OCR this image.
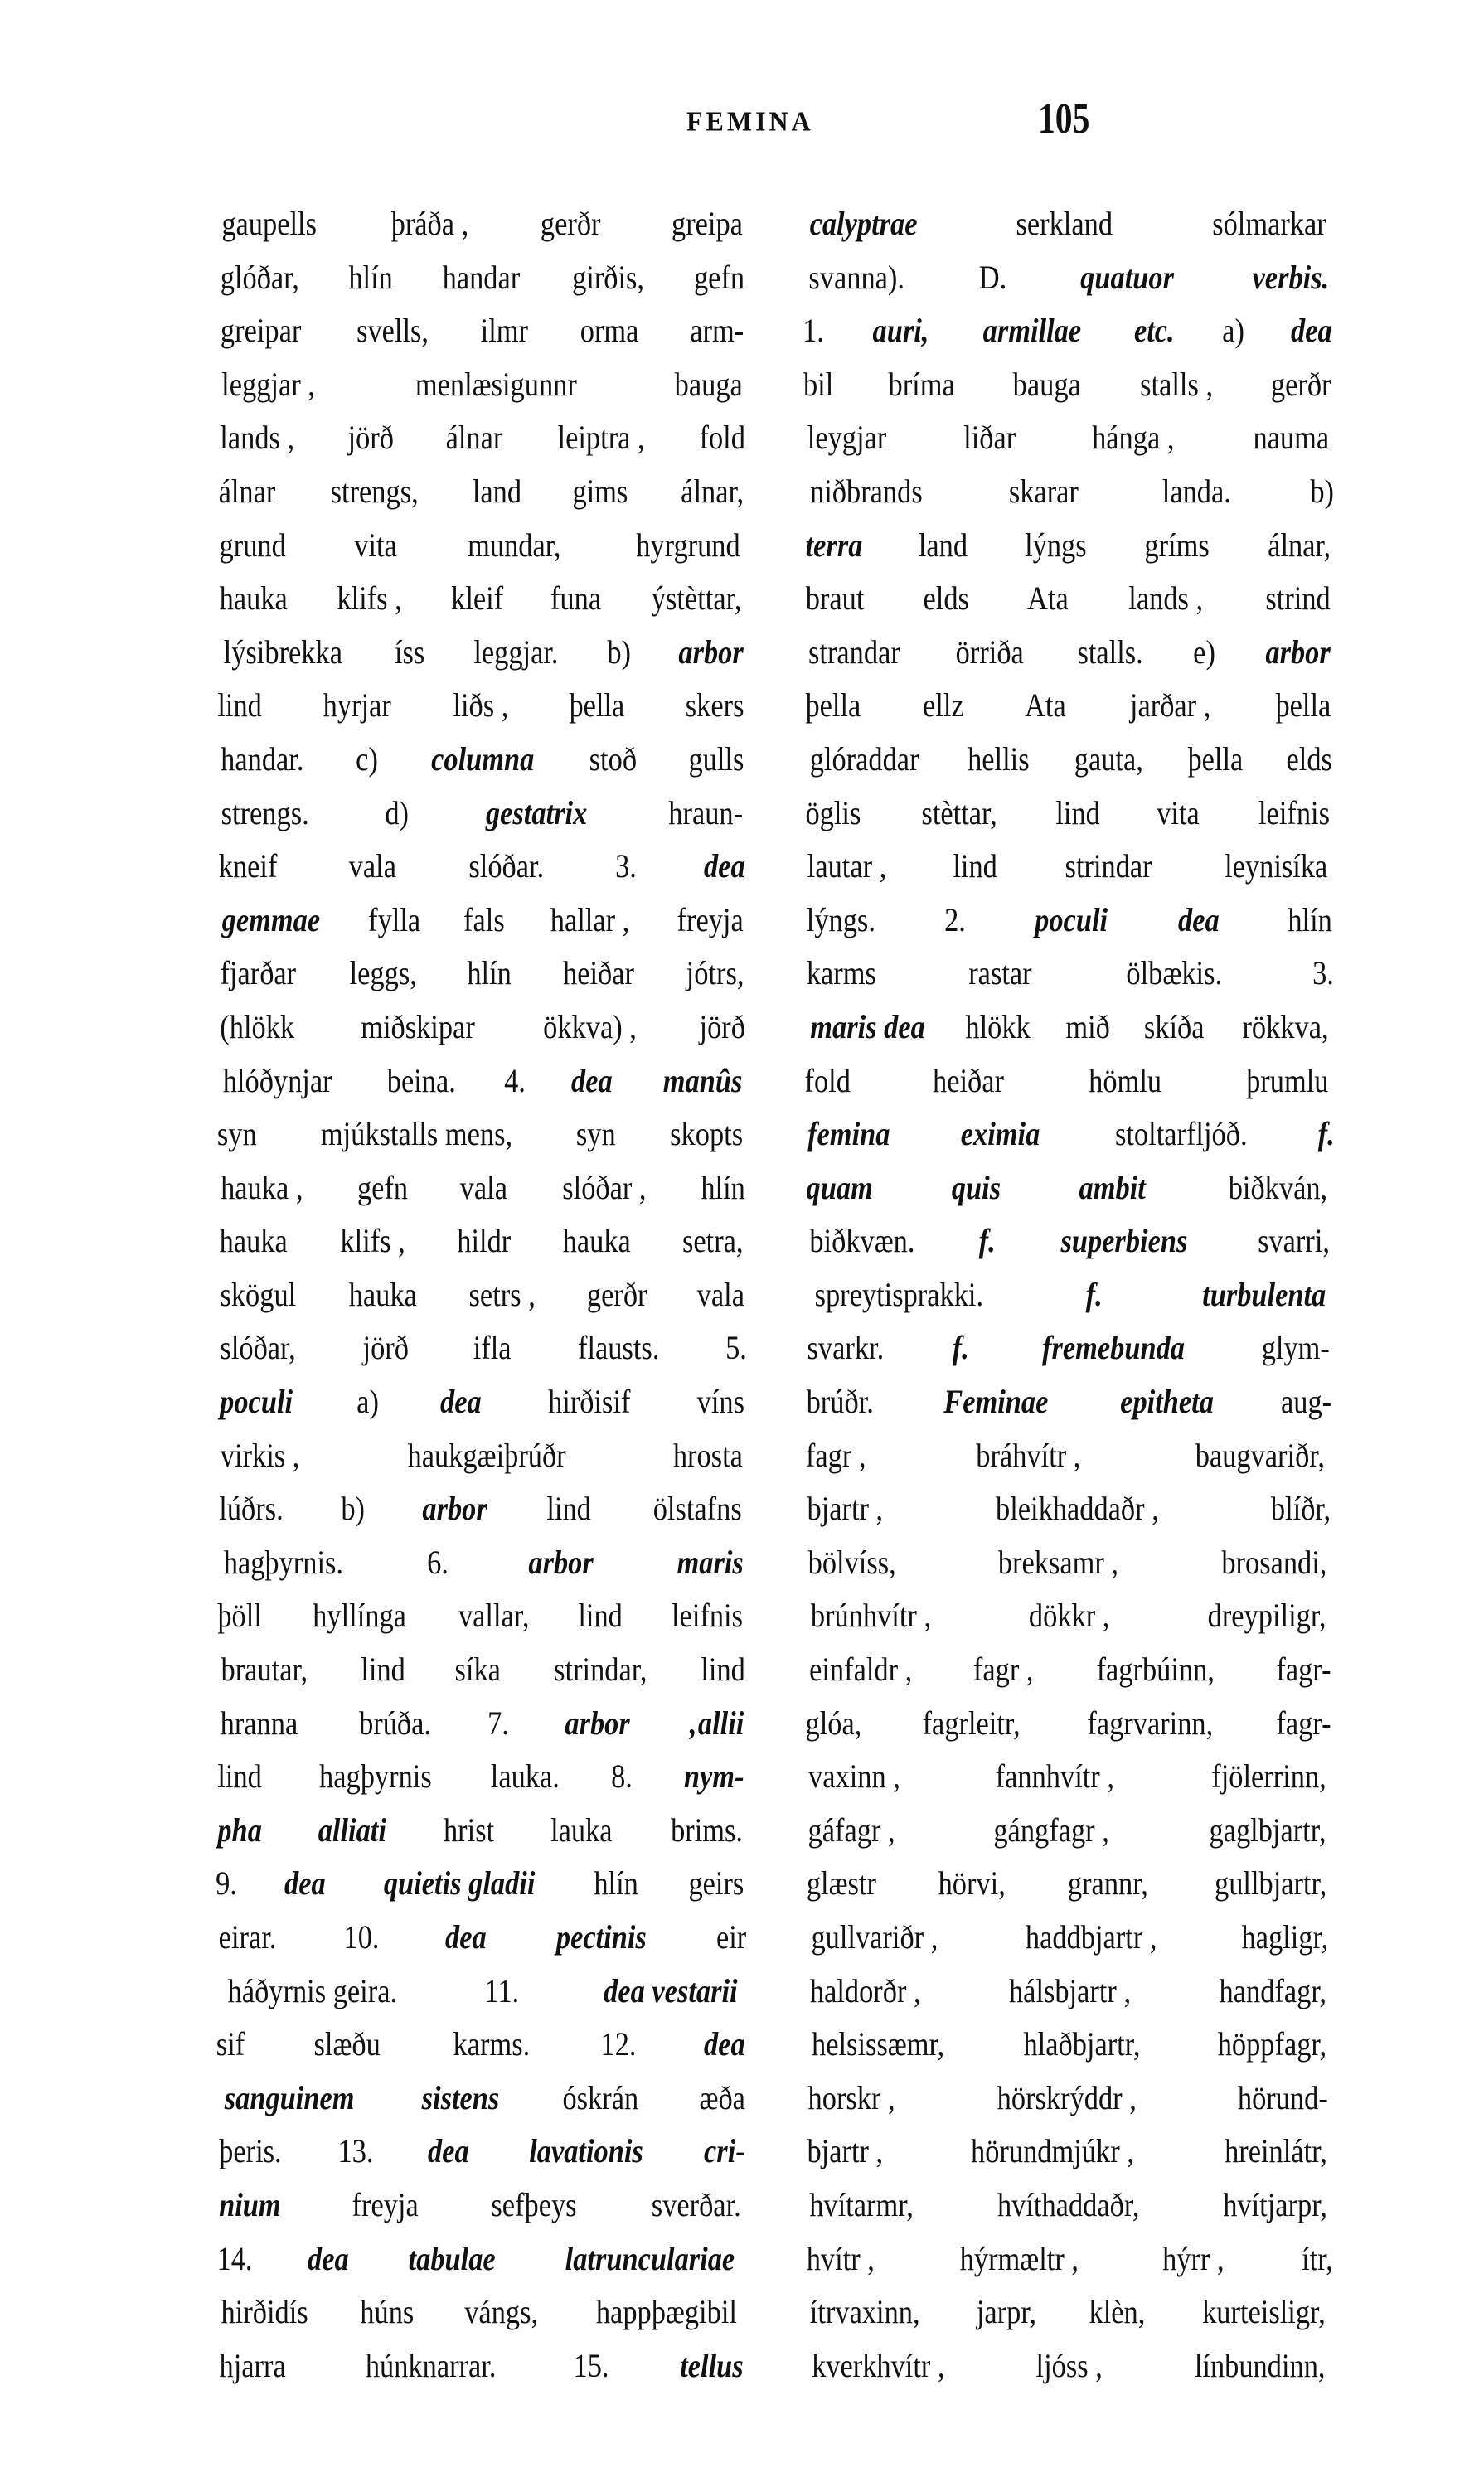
FEMINA	105
gaupells þráða , gerðr greipa
glóðar, hlín handar girðis, gefn
greipar svells, ilmr orma arm-
leggjar ,	menlæsigunnr	bauga
lands , jörð álnar leiptra , fold
álnar strengs, land gims álnar,
grund vita mundar, hyrgrund
hauka klifs , kleif funa ýstèttar,
lýsibrekka íss leggjar. b) arbor
lind hyrjar liðs , þella skers
handar. c) columna stoð gulls
strengs. d) gestatrix hraun-
kneif vala slóðar. 3. dea
gemmae fylla fals hallar , freyja
fjarðar leggs, hlín heiðar jótrs,
(hlökk miðskipar ökkva) , jörð
hlóðynjar beina. 4. dea manûs
syn mjúkstalls mens, syn skopts
hauka , gefn vala slóðar , hlín
hauka klifs , hildr hauka setra,
skögul hauka setrs , gerðr vala
slóðar, jörð ifla flausts. 5.
poculi a) dea hirðisif víns
virkis ,	haukgæiþrúðr	hrosta
lúðrs. b) arbor lind ölstafns
hagþyrnis.	6. arbor	maris
þöll hyllínga vallar, lind leifnis
brautar, lind síka strindar, lind
hranna brúða. 7. arbor ‚allii
lind hagþyrnis lauka. 8. nym-
pha alliati hrist lauka brims.
9. dea quietis gladii hlín geirs
eirar. 10. dea pectinis eir
háðyrnis geira.	11.	dea vestarii
sif slæðu karms. 12. dea
sanguinem sistens óskrán æða
þeris. 13. dea lavationis cri-
nium freyja sefþeys sverðar.
14. dea tabulae latrunculariae
hirðidís húns vángs, happþægibil
hjarra húnknarrar. 15. tellus
calyptrae	serkland	sólmarkar
svanna). D. quatuor verbis.
1. auri, armillae etc. a) dea
bil bríma bauga stalls , gerðr
leygjar liðar hánga , nauma
niðbrands	skarar	landa. b)
terra land lýngs gríms álnar,
braut elds Ata lands , strind
strandar örriða stalls. e) arbor
þella ellz Ata jarðar , þella
glóraddar hellis gauta, þella elds
öglis stèttar, lind vita leifnis
lautar , lind strindar leynisíka
lýngs. 2. poculi dea hlín
karms	rastar	ölbækis.	3.
maris dea hlökk mið skíða rökkva,
fold heiðar	hömlu	þrumlu
femina eximia stoltarfljóð. f.
quam quis ambit biðkván,
biðkvæn. f. superbiens svarri,
spreytisprakki.	f.	turbulenta
svarkr. f. fremebunda glym-
brúðr. Feminae epitheta aug-
fagr ,	bráhvítr ,	baugvariðr,
bjartr ,	bleikhaddaðr ,	blíðr,
bölvíss,	breksamr ,	brosandi,
brúnhvítr ,	dökkr ,	dreypiligr,
einfaldr , fagr , fagrbúinn, fagr-
glóa, fagrleitr, fagrvarinn, fagr-
vaxinn ,	fannhvítr ,	fjölerrinn,
gáfagr ,	gángfagr ,	gaglbjartr,
glæstr hörvi, grannr, gullbjartr,
gullvariðr ,	haddbjartr ,	hagligr,
haldorðr ,	hálsbjartr ,	handfagr,
helsissæmr, hlaðbjartr, höppfagr,
horskr ,	hörskrýddr ,	hörund-
bjartr ,	hörundmjúkr ,	hreinlátr,
hvítarmr,	hvíthaddaðr,	hvítjarpr,
hvítr ,	hýrmæltr ,	hýrr , ítr,
ítrvaxinn, jarpr, klèn, kurteisligr,
kverkhvítr ,	ljóss ,	línbundinn,
